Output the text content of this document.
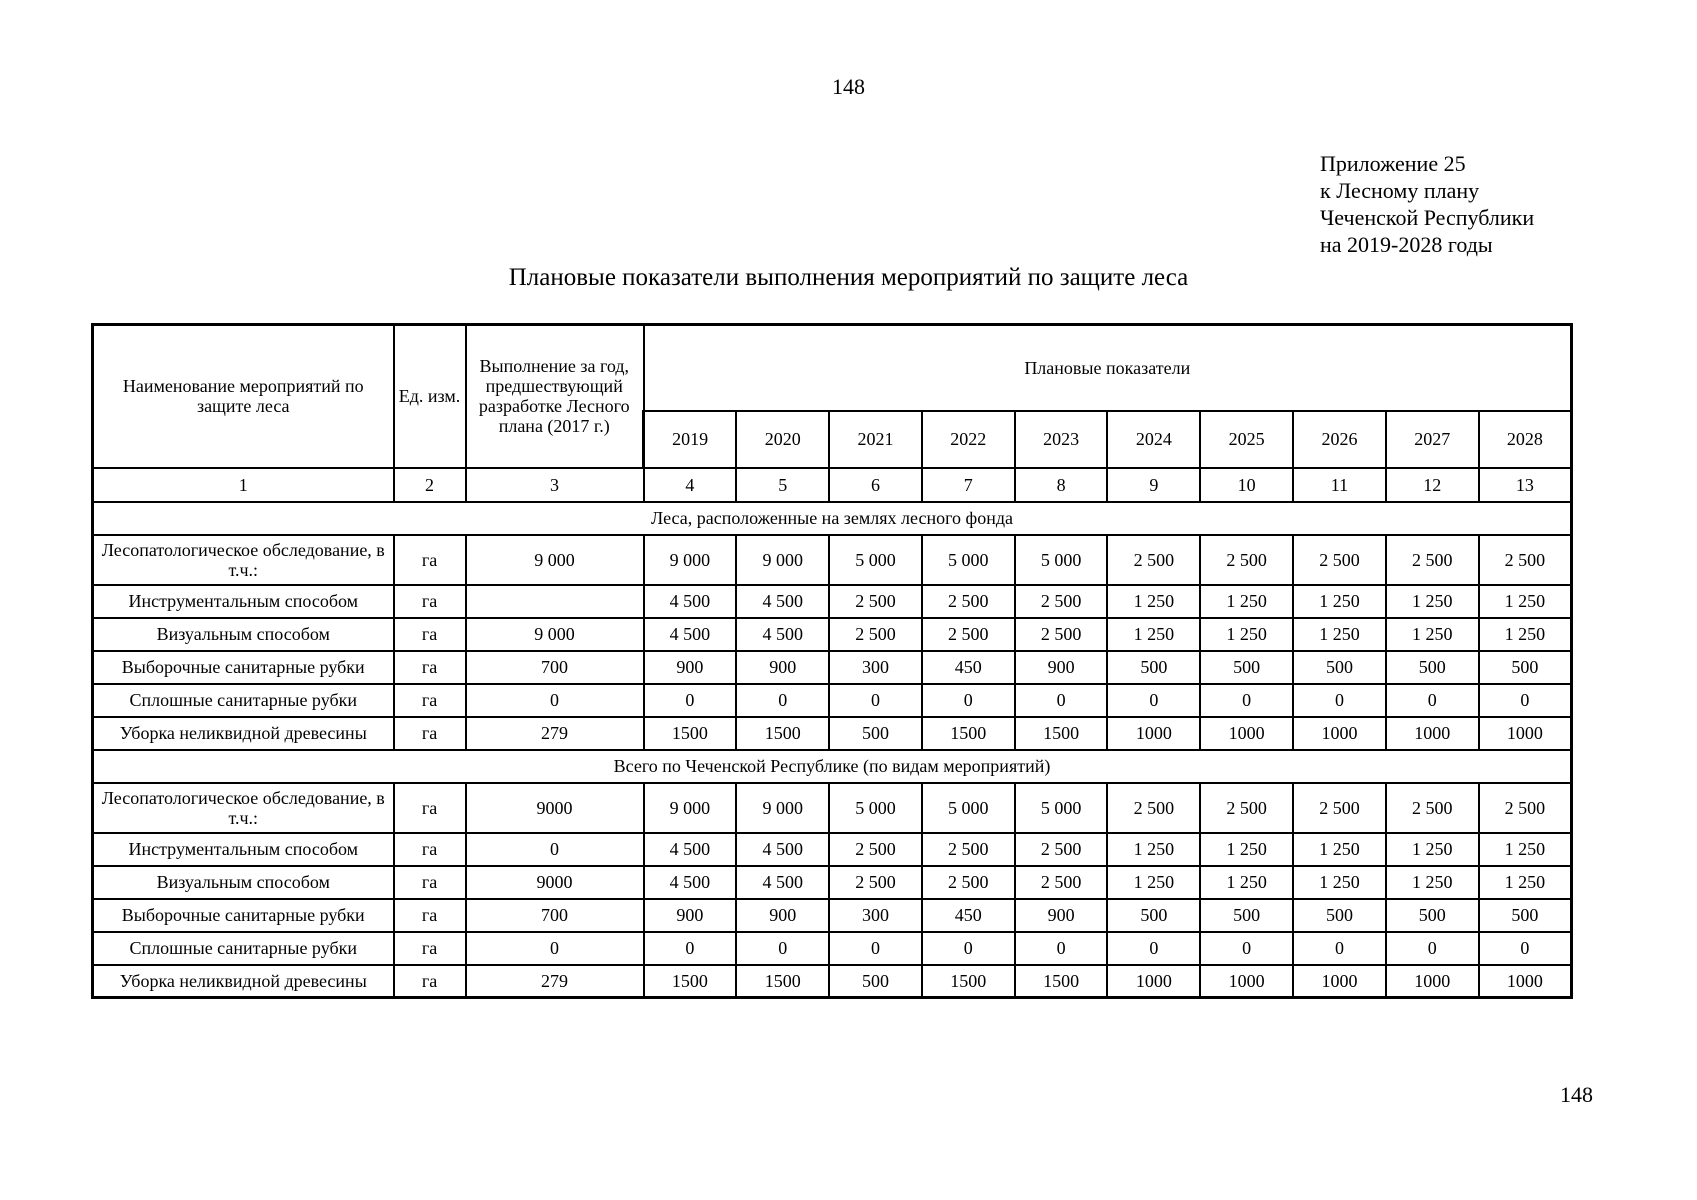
148
Приложение 25
к Лесному плану
Чеченской Республики
на 2019-2028 годы
Плановые показатели выполнения мероприятий по защите леса
Наименование мероприятий по защите леса	Ед. изм.	Выполнение за год, предшествующий разработке Лесного плана (2017 г.)	Плановые показатели									
			2019	2020	2021	2022	2023	2024	2025	2026	2027	2028
1	2	3	4	5	6	7	8	9	10	11	12	13
Леса, расположенные на землях лесного фонда												
Лесопатологическое обследование, в т.ч.:	га	9 000	9 000	9 000	5 000	5 000	5 000	2 500	2 500	2 500	2 500	2 500
Инструментальным способом	га		4 500	4 500	2 500	2 500	2 500	1 250	1 250	1 250	1 250	1 250
Визуальным способом	га	9 000	4 500	4 500	2 500	2 500	2 500	1 250	1 250	1 250	1 250	1 250
Выборочные санитарные рубки	га	700	900	900	300	450	900	500	500	500	500	500
Сплошные санитарные рубки	га	0	0	0	0	0	0	0	0	0	0	0
Уборка неликвидной древесины	га	279	1500	1500	500	1500	1500	1000	1000	1000	1000	1000
Всего по Чеченской Республике (по видам мероприятий)												
Лесопатологическое обследование, в т.ч.:	га	9000	9 000	9 000	5 000	5 000	5 000	2 500	2 500	2 500	2 500	2 500
Инструментальным способом	га	0	4 500	4 500	2 500	2 500	2 500	1 250	1 250	1 250	1 250	1 250
Визуальным способом	га	9000	4 500	4 500	2 500	2 500	2 500	1 250	1 250	1 250	1 250	1 250
Выборочные санитарные рубки	га	700	900	900	300	450	900	500	500	500	500	500
Сплошные санитарные рубки	га	0	0	0	0	0	0	0	0	0	0	0
Уборка неликвидной древесины	га	279	1500	1500	500	1500	1500	1000	1000	1000	1000	1000
148
